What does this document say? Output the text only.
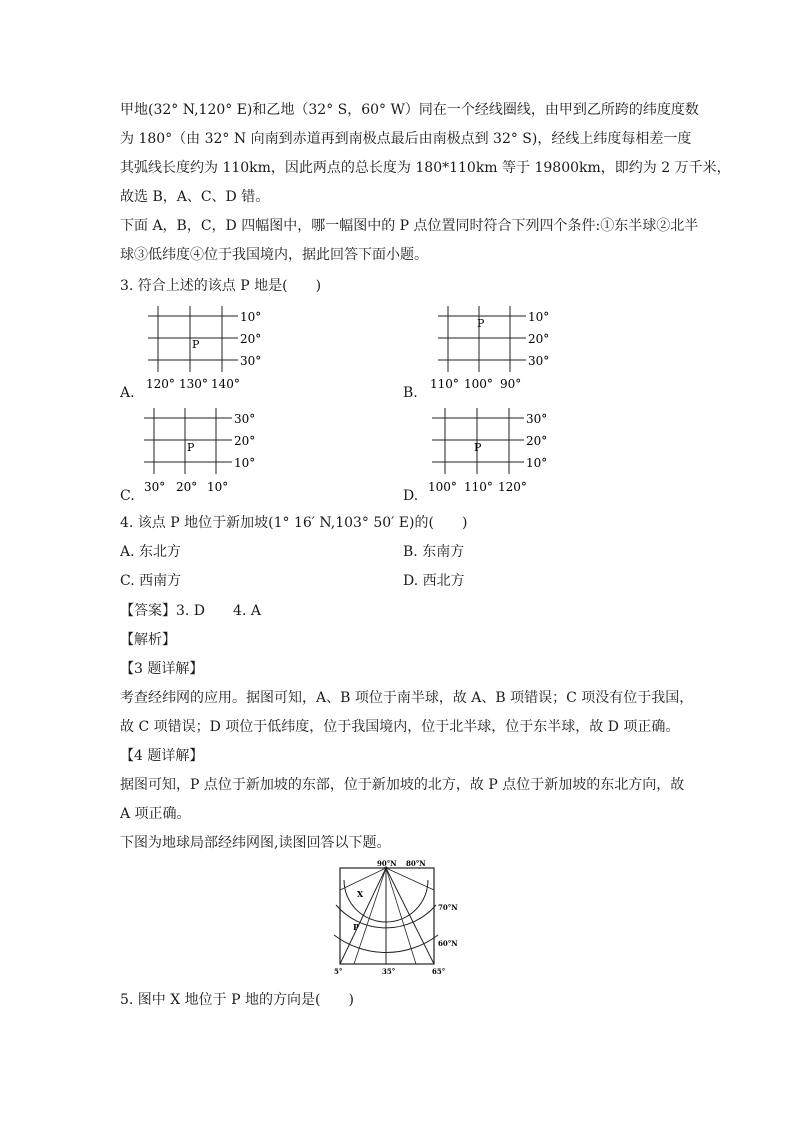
甲地(32° N,120° E)和乙地（32° S，60° W）同在一个经线圈线，由甲到乙所跨的纬度度数
为 180°（由 32° N 向南到赤道再到南极点最后由南极点到 32° S)，经线上纬度每相差一度
其弧线长度约为 110km，因此两点的总长度为 180*110km 等于 19800km，即约为 2 万千米，
故选 B，A、C、D 错。
下面 A，B，C，D 四幅图中，哪一幅图中的 P 点位置同时符合下列四个条件:①东半球②北半
球③低纬度④位于我国境内，据此回答下面小题。
3. 符合上述的该点 P 地是(　　)
10°
20°
30°
P
120° 130° 140°
A.
10°
20°
30°
P
110° 100° 90°
B.
30°
20°
10°
P
30° 20° 10°
C.
30°
20°
10°
P
100° 110° 120°
D.
4. 该点 P 地位于新加坡(1° 16′ N,103° 50′ E)的(　　)
A. 东北方	B. 东南方
C. 西南方	D. 西北方
【答案】3. D　　4. A
【解析】
【3 题详解】
考查经纬网的应用。据图可知，A、B 项位于南半球，故 A、B 项错误；C 项没有位于我国，
故 C 项错误；D 项位于低纬度，位于我国境内，位于北半球，位于东半球，故 D 项正确。
【4 题详解】
据图可知，P 点位于新加坡的东部，位于新加坡的北方，故 P 点位于新加坡的东北方向，故
A 项正确。
下图为地球局部经纬网图,读图回答以下题。
90°N 80°N
70°N
60°N
5°	35°	65°
X
P
5. 图中 X 地位于 P 地的方向是(　　)
